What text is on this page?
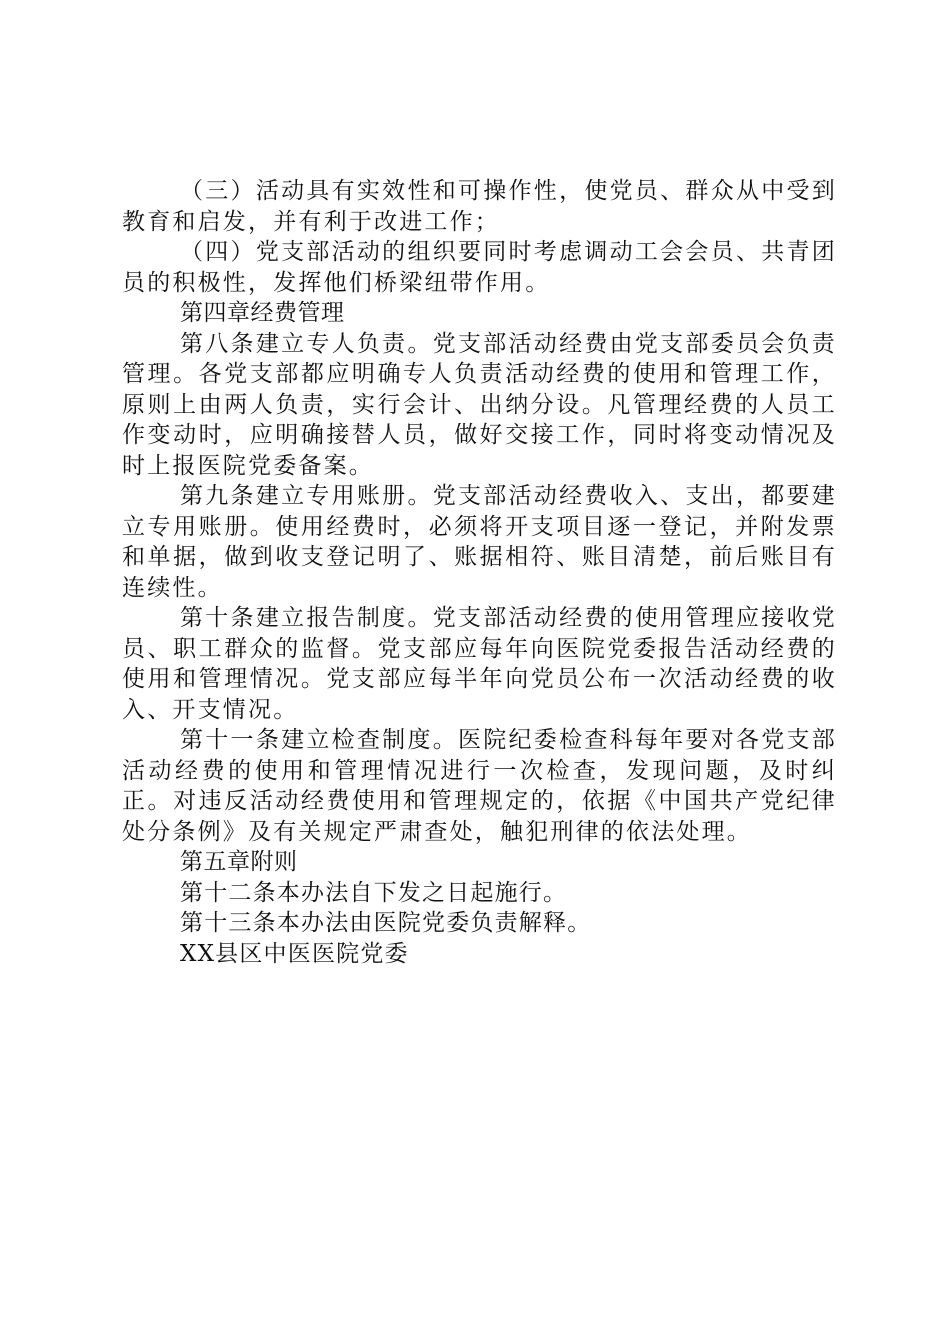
（三）活动具有实效性和可操作性，使党员、群众从中受到教育和启发，并有利于改进工作；

（四）党支部活动的组织要同时考虑调动工会会员、共青团员的积极性，发挥他们桥梁纽带作用。

第四章经费管理

第八条建立专人负责。党支部活动经费由党支部委员会负责管理。各党支部都应明确专人负责活动经费的使用和管理工作，原则上由两人负责，实行会计、出纳分设。凡管理经费的人员工作变动时，应明确接替人员，做好交接工作，同时将变动情况及时上报医院党委备案。

第九条建立专用账册。党支部活动经费收入、支出，都要建立专用账册。使用经费时，必须将开支项目逐一登记，并附发票和单据，做到收支登记明了、账据相符、账目清楚，前后账目有连续性。

第十条建立报告制度。党支部活动经费的使用管理应接收党员、职工群众的监督。党支部应每年向医院党委报告活动经费的使用和管理情况。党支部应每半年向党员公布一次活动经费的收入、开支情况。

第十一条建立检查制度。医院纪委检查科每年要对各党支部活动经费的使用和管理情况进行一次检查，发现问题，及时纠正。对违反活动经费使用和管理规定的，依据《中国共产党纪律处分条例》及有关规定严肃查处，触犯刑律的依法处理。

第五章附则

第十二条本办法自下发之日起施行。

第十三条本办法由医院党委负责解释。

XX县区中医医院党委
